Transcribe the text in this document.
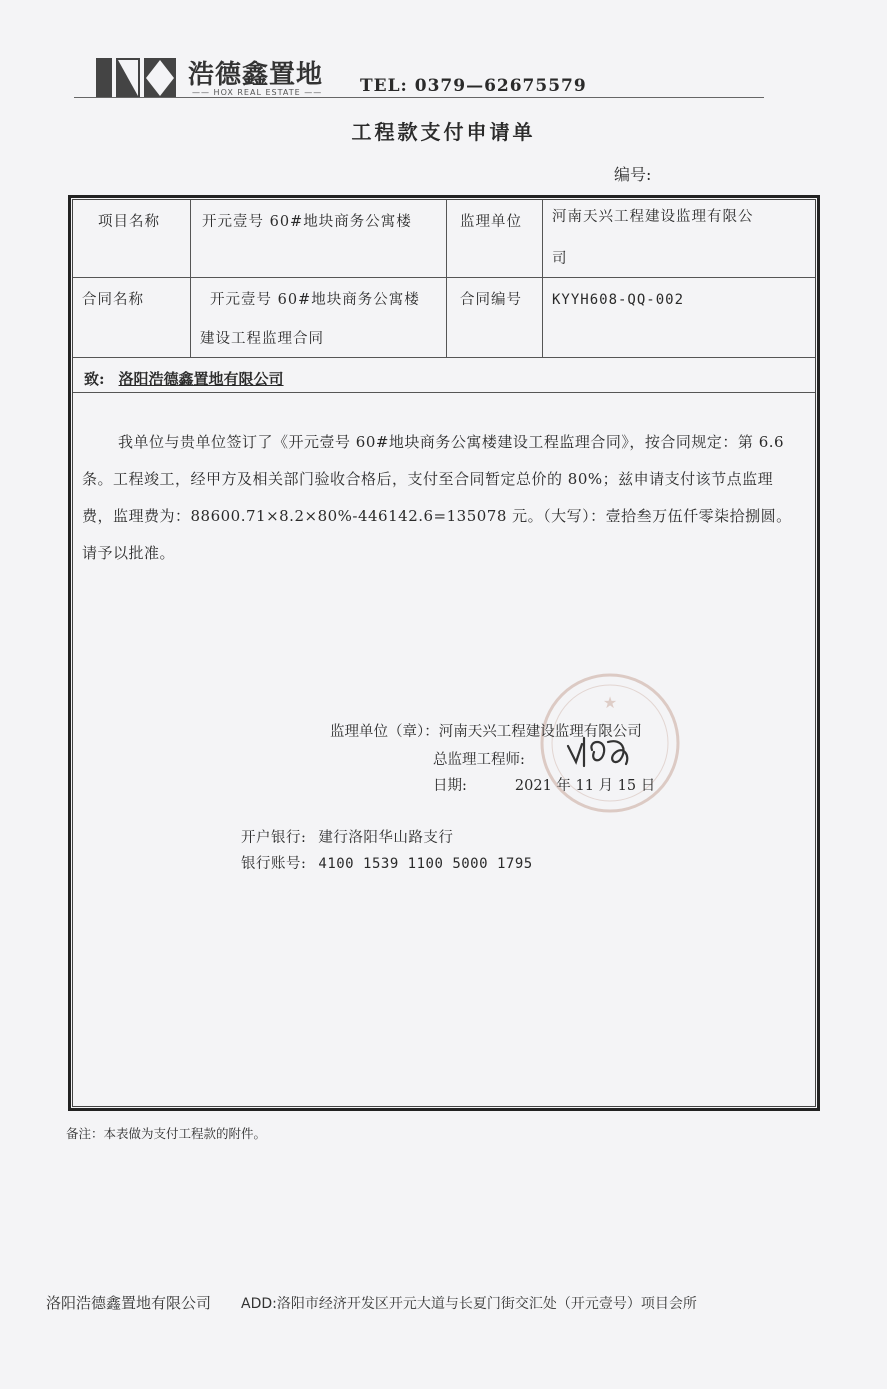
浩德鑫置地
—— HOX REAL ESTATE —— TEL: 0379—62675579
工程款支付申请单
编号:
项目名称	开元壹号 60#地块商务公寓楼	监理单位 河南天兴工程建设监理有限公
司
合同名称	开元壹号 60#地块商务公寓楼
建设工程监理合同
合同编号 KYYH608-QQ-002
致: 洛阳浩德鑫置地有限公司
我单位与贵单位签订了《开元壹号 60#地块商务公寓楼建设工程监理合同》，按合同规定：第 6.6 条。工程竣工，经甲方及相关部门验收合格后，支付至合同暂定总价的 80%；兹申请支付该节点监理费，监理费为：88600.71×8.2×80%-446142.6=135078 元。（大写）：壹拾叁万伍仟零柒拾捌圆。请予以批准。
★
监理单位（章）：河南天兴工程建设监理有限公司
总监理工程师:
日期:	2021 年 11 月 15 日
开户银行: 建行洛阳华山路支行
银行账号: 4100 1539 1100 5000 1795
备注：本表做为支付工程款的附件。
洛阳浩德鑫置地有限公司 ADD:洛阳市经济开发区开元大道与长夏门街交汇处（开元壹号）项目会所
